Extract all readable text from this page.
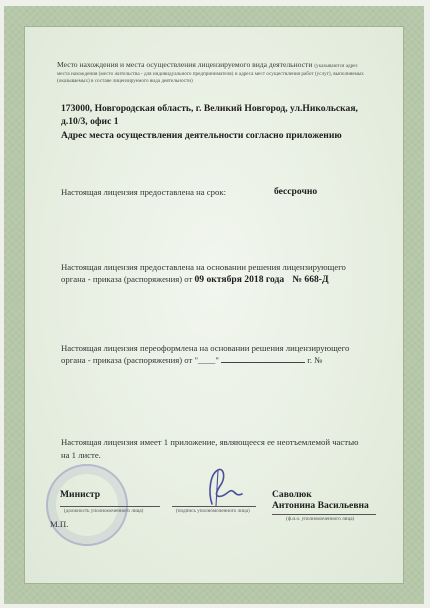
Место нахождения и места осуществления лицензируемого вида деятельности (указываются адрес
места нахождения (место жительства - для индивидуального предпринимателя) и адреса мест осуществления работ (услуг), выполняемых
(оказываемых) в составе лицензируемого вида деятельности)
173000, Новгородская область, г. Великий Новгород, ул.Никольская,
д.10/3, офис 1
Адрес места осуществления деятельности согласно приложению
Настоящая лицензия предоставлена на срок:	бессрочно
Настоящая лицензия предоставлена на основании решения лицензирующего
органа - приказа (распоряжения) от 09 октября 2018 года № 668-Д
Настоящая лицензия переоформлена на основании решения лицензирующего
органа - приказа (распоряжения) от "____"	г. №
Настоящая лицензия имеет 1 приложение, являющееся ее неотъемлемой частью
на 1 листе.
Министр
(должность уполномоченного лица)
М.П.
(подпись уполномоченного лица)
Саволюк
Антонина Васильевна
(ф.и.о. уполномоченного лица)
